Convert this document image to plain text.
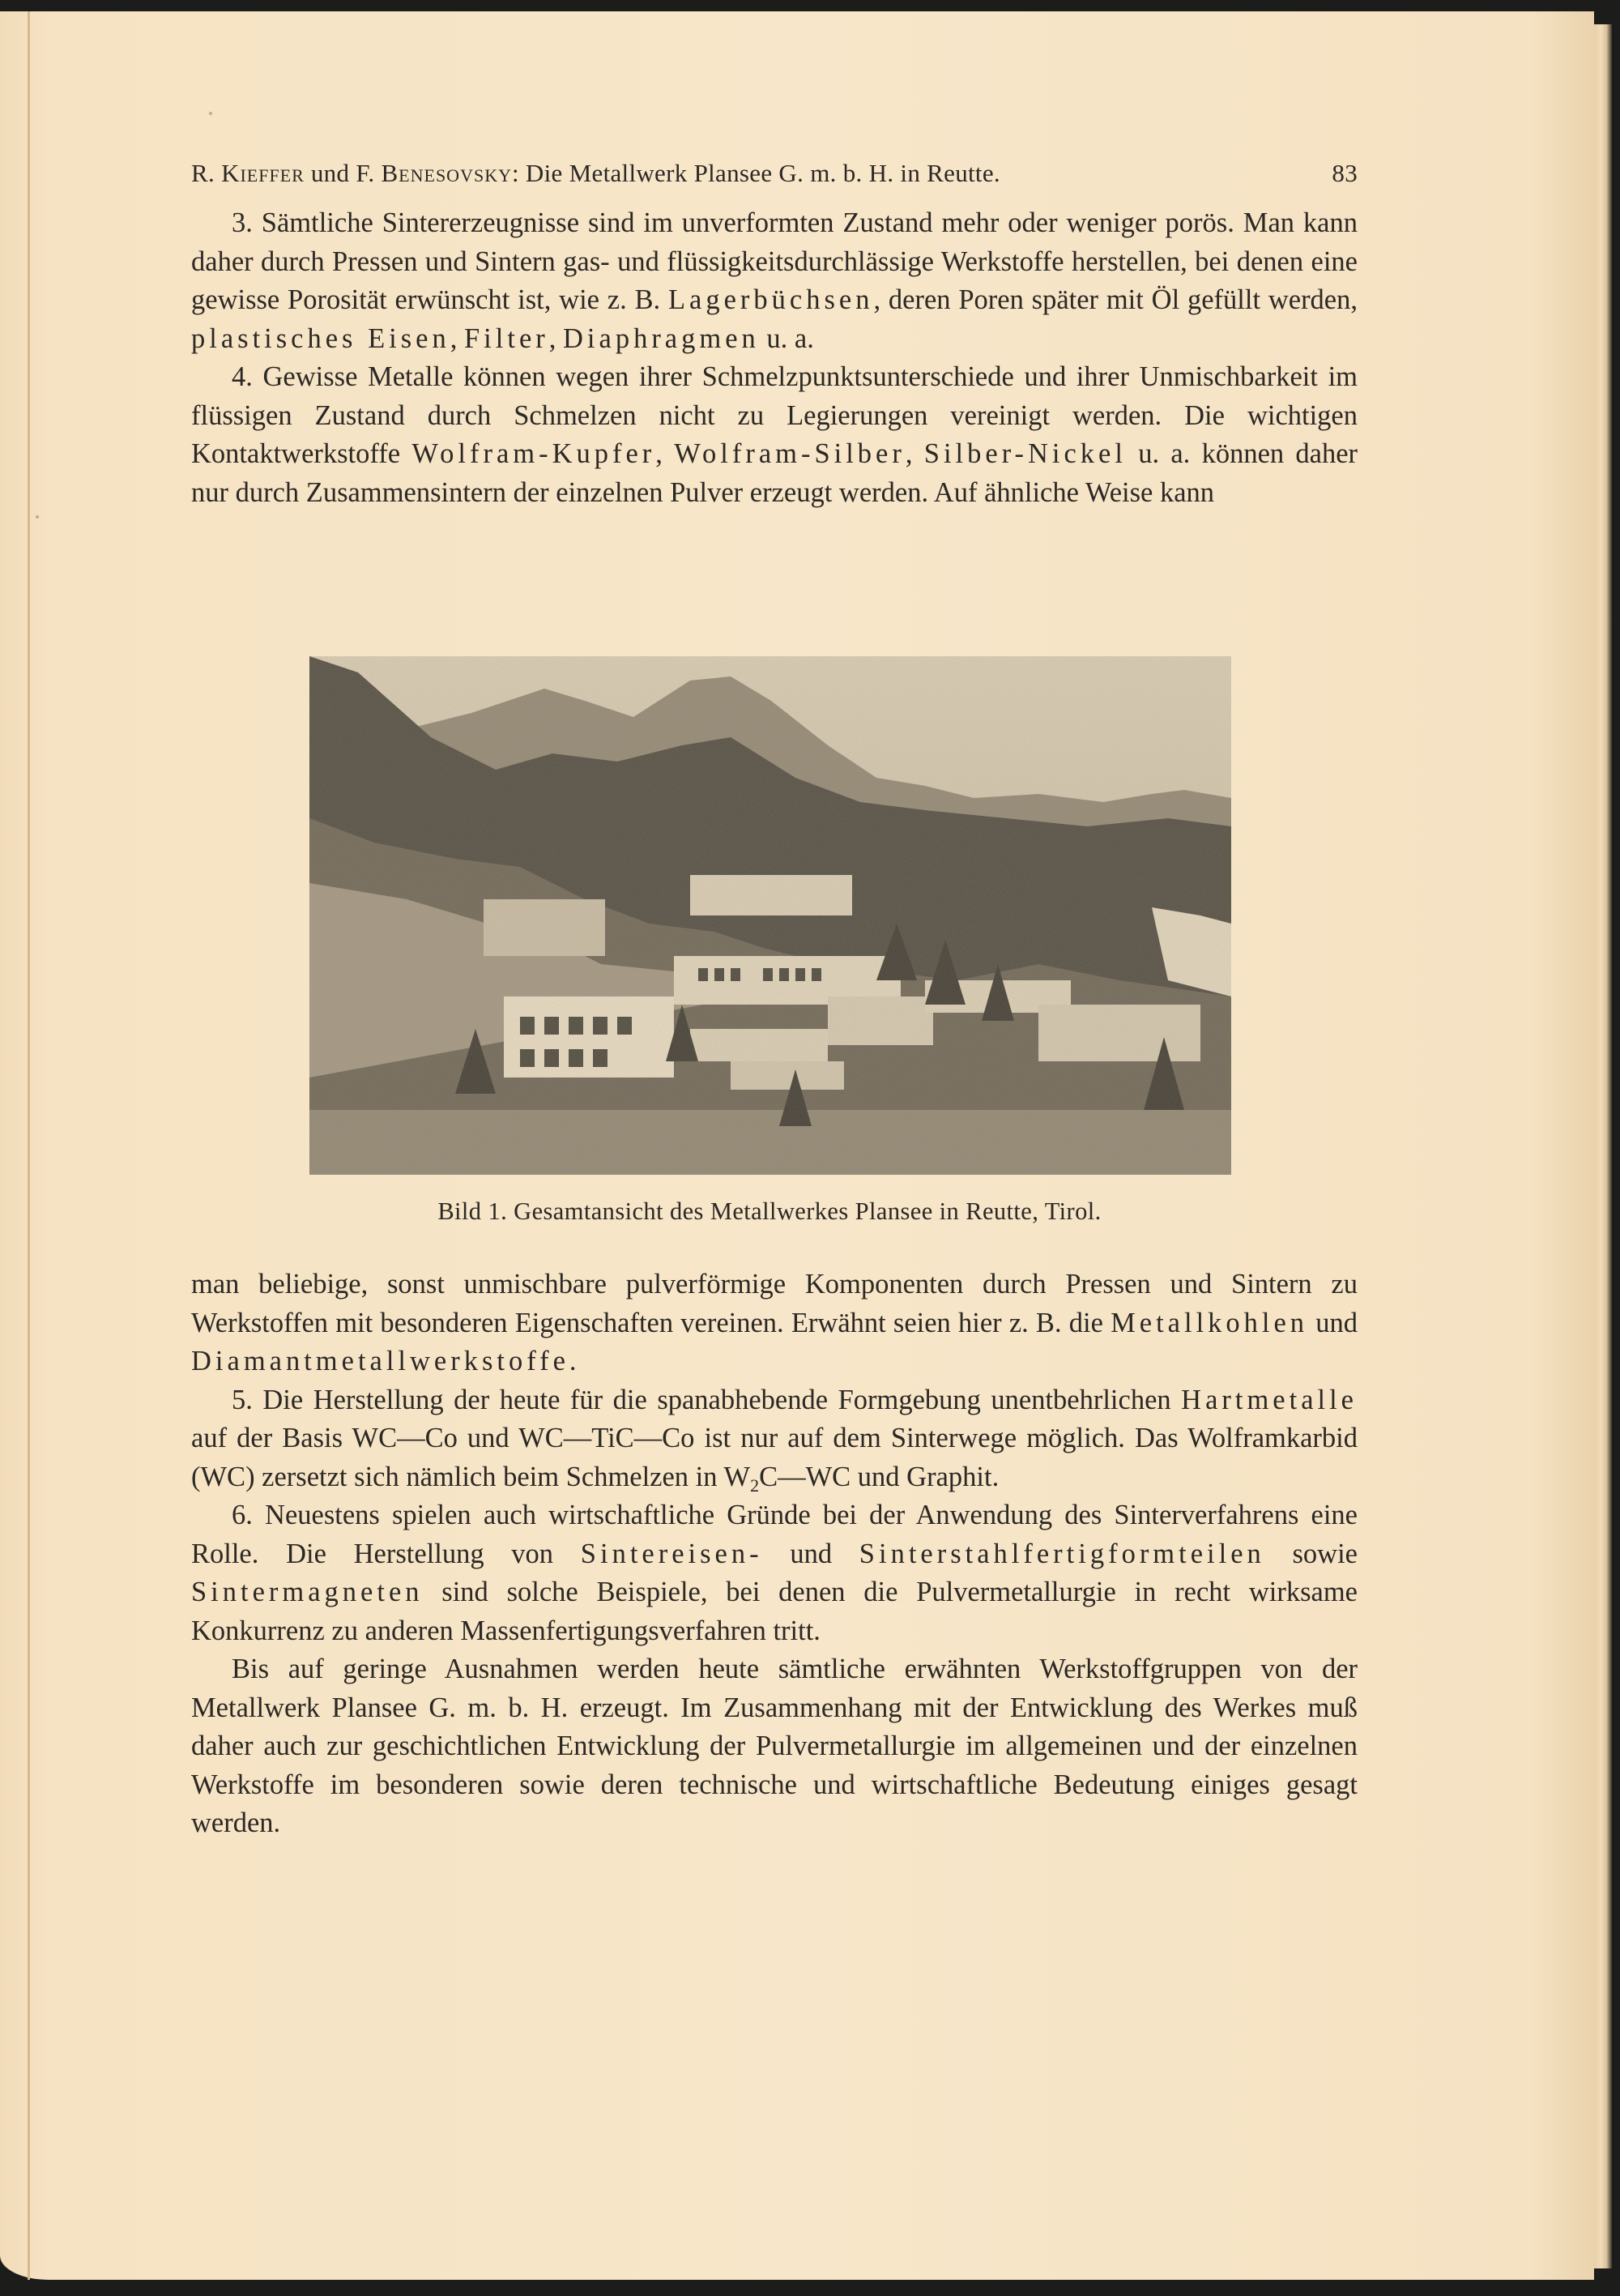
R. Kieffer und F. Benesovsky: Die Metallwerk Plansee G. m. b. H. in Reutte.	83

3. Sämtliche Sintererzeugnisse sind im unverformten Zustand mehr oder weniger porös. Man kann daher durch Pressen und Sintern gas- und flüssigkeitsdurchlässige Werkstoffe herstellen, bei denen eine gewisse Porosität erwünscht ist, wie z. B. Lagerbüchsen, deren Poren später mit Öl gefüllt werden, plastisches Eisen, Filter, Diaphragmen u. a.

4. Gewisse Metalle können wegen ihrer Schmelzpunktsunterschiede und ihrer Unmischbarkeit im flüssigen Zustand durch Schmelzen nicht zu Legierungen vereinigt werden. Die wichtigen Kontaktwerkstoffe Wolfram-Kupfer, Wolfram-Silber, Silber-Nickel u. a. können daher nur durch Zusammensintern der einzelnen Pulver erzeugt werden. Auf ähnliche Weise kann

Bild 1. Gesamtansicht des Metallwerkes Plansee in Reutte, Tirol.

man beliebige, sonst unmischbare pulverförmige Komponenten durch Pressen und Sintern zu Werkstoffen mit besonderen Eigenschaften vereinen. Erwähnt seien hier z. B. die Metallkohlen und Diamantmetallwerkstoffe.

5. Die Herstellung der heute für die spanabhebende Formgebung unentbehrlichen Hartmetalle auf der Basis WC—Co und WC—TiC—Co ist nur auf dem Sinterwege möglich. Das Wolframkarbid (WC) zersetzt sich nämlich beim Schmelzen in $W_2C—WC$ und Graphit.

6. Neuestens spielen auch wirtschaftliche Gründe bei der Anwendung des Sinterverfahrens eine Rolle. Die Herstellung von Sintereisen- und Sinterstahlfertigformteilen sowie Sintermagneten sind solche Beispiele, bei denen die Pulvermetallurgie in recht wirksame Konkurrenz zu anderen Massenfertigungsverfahren tritt.

Bis auf geringe Ausnahmen werden heute sämtliche erwähnten Werkstoffgruppen von der Metallwerk Plansee G. m. b. H. erzeugt. Im Zusammenhang mit der Entwicklung des Werkes muß daher auch zur geschichtlichen Entwicklung der Pulvermetallurgie im allgemeinen und der einzelnen Werkstoffe im besonderen sowie deren technische und wirtschaftliche Bedeutung einiges gesagt werden.
